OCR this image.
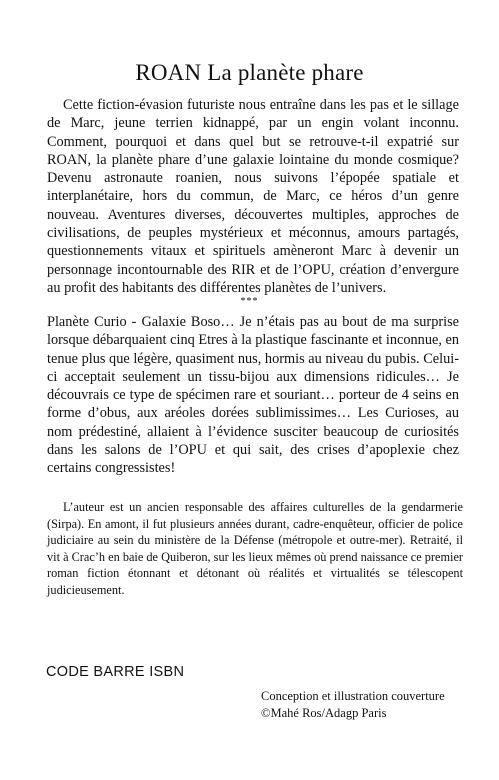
ROAN La planète phare

Cette fiction-évasion futuriste nous entraîne dans les pas et le sillage de Marc, jeune terrien kidnappé, par un engin volant inconnu. Comment, pourquoi et dans quel but se retrouve-t-il expatrié sur ROAN, la planète phare d’une galaxie lointaine du monde cosmique? Devenu astronaute roanien, nous suivons l’épopée spatiale et interplanétaire, hors du commun, de Marc, ce héros d’un genre nouveau. Aventures diverses, découvertes multiples, approches de civilisations, de peuples mystérieux et méconnus, amours partagés, questionnements vitaux et spirituels amèneront Marc à devenir un personnage incontournable des RIR et de l’OPU, création d’envergure au profit des habitants des différentes planètes de l’univers.

***

Planète Curio - Galaxie Boso… Je n’étais pas au bout de ma surprise lorsque débarquaient cinq Etres à la plastique fascinante et inconnue, en tenue plus que légère, quasiment nus, hormis au niveau du pubis. Celui-ci acceptait seulement un tissu-bijou aux dimensions ridicules… Je découvrais ce type de spécimen rare et souriant… porteur de 4 seins en forme d’obus, aux aréoles dorées sublimissimes… Les Curioses, au nom prédestiné, allaient à l’évidence susciter beaucoup de curiosités dans les salons de l’OPU et qui sait, des crises d’apoplexie chez certains congressistes!

L’auteur est un ancien responsable des affaires culturelles de la gendarmerie (Sirpa). En amont, il fut plusieurs années durant, cadre-enquêteur, officier de police judiciaire au sein du ministère de la Défense (métropole et outre-mer). Retraité, il vit à Crac’h en baie de Quiberon, sur les lieux mêmes où prend naissance ce premier roman fiction étonnant et détonant où réalités et virtualités se télescopent judicieusement.

CODE BARRE ISBN
Conception et illustration couverture
©Mahé Ros/Adagp Paris
